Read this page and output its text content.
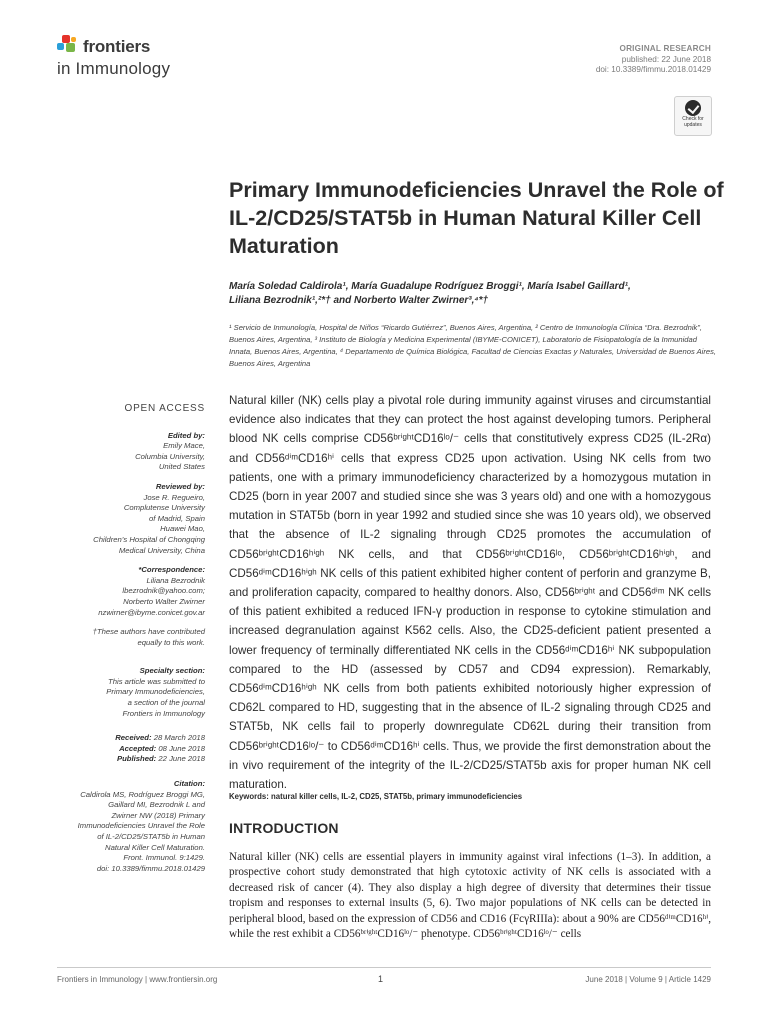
frontiers
in Immunology
ORIGINAL RESEARCH
published: 22 June 2018
doi: 10.3389/fimmu.2018.01429
Check for
updates
Primary Immunodeficiencies Unravel the Role of IL-2/CD25/STAT5b in Human Natural Killer Cell Maturation
María Soledad Caldirola¹, María Guadalupe Rodríguez Broggi¹, María Isabel Gaillard¹,
Liliana Bezrodnik¹,²*† and Norberto Walter Zwirner³,⁴*†
¹ Servicio de Inmunología, Hospital de Niños “Ricardo Gutiérrez”, Buenos Aires, Argentina, ² Centro de Inmunología Clínica “Dra. Bezrodnik”, Buenos Aires, Argentina, ³ Instituto de Biología y Medicina Experimental (IBYME-CONICET), Laboratorio de Fisiopatología de la Inmunidad Innata, Buenos Aires, Argentina, ⁴ Departamento de Química Biológica, Facultad de Ciencias Exactas y Naturales, Universidad de Buenos Aires, Buenos Aires, Argentina
OPEN ACCESS
Edited by:
Emily Mace,
Columbia University,
United States
Reviewed by:
Jose R. Regueiro,
Complutense University
of Madrid, Spain
Huawei Mao,
Children’s Hospital of Chongqing
Medical University, China
*Correspondence:
Liliana Bezrodnik
lbezrodnik@yahoo.com;
Norberto Walter Zwirner
nzwirner@ibyme.conicet.gov.ar
†These authors have contributed
equally to this work.
Specialty section:
This article was submitted to
Primary Immunodeficiencies,
a section of the journal
Frontiers in Immunology
Received: 28 March 2018
Accepted: 08 June 2018
Published: 22 June 2018
Citation:
Caldirola MS, Rodríguez Broggi MG,
Gaillard MI, Bezrodnik L and
Zwirner NW (2018) Primary
Immunodeficiencies Unravel the Role
of IL-2/CD25/STAT5b in Human
Natural Killer Cell Maturation.
Front. Immunol. 9:1429.
doi: 10.3389/fimmu.2018.01429
Natural killer (NK) cells play a pivotal role during immunity against viruses and circumstantial evidence also indicates that they can protect the host against developing tumors. Peripheral blood NK cells comprise CD56ᵇʳⁱᵍʰᵗCD16ˡᵒ/⁻ cells that constitutively express CD25 (IL-2Rα) and CD56ᵈⁱᵐCD16ʰⁱ cells that express CD25 upon activation. Using NK cells from two patients, one with a primary immunodeficiency characterized by a homozygous mutation in CD25 (born in year 2007 and studied since she was 3 years old) and one with a homozygous mutation in STAT5b (born in year 1992 and studied since she was 10 years old), we observed that the absence of IL-2 signaling through CD25 promotes the accumulation of CD56ᵇʳⁱᵍʰᵗCD16ʰⁱᵍʰ NK cells, and that CD56ᵇʳⁱᵍʰᵗCD16ˡᵒ, CD56ᵇʳⁱᵍʰᵗCD16ʰⁱᵍʰ, and CD56ᵈⁱᵐCD16ʰⁱᵍʰ NK cells of this patient exhibited higher content of perforin and granzyme B, and proliferation capacity, compared to healthy donors. Also, CD56ᵇʳⁱᵍʰᵗ and CD56ᵈⁱᵐ NK cells of this patient exhibited a reduced IFN-γ production in response to cytokine stimulation and increased degranulation against K562 cells. Also, the CD25-deficient patient presented a lower frequency of terminally differentiated NK cells in the CD56ᵈⁱᵐCD16ʰⁱ NK subpopulation compared to the HD (assessed by CD57 and CD94 expression). Remarkably, CD56ᵈⁱᵐCD16ʰⁱᵍʰ NK cells from both patients exhibited notoriously higher expression of CD62L compared to HD, suggesting that in the absence of IL-2 signaling through CD25 and STAT5b, NK cells fail to properly downregulate CD62L during their transition from CD56ᵇʳⁱᵍʰᵗCD16ˡᵒ/⁻ to CD56ᵈⁱᵐCD16ʰⁱ cells. Thus, we provide the first demonstration about the in vivo requirement of the integrity of the IL-2/CD25/STAT5b axis for proper human NK cell maturation.
Keywords: natural killer cells, IL-2, CD25, STAT5b, primary immunodeficiencies
INTRODUCTION
Natural killer (NK) cells are essential players in immunity against viral infections (1–3). In addition, a prospective cohort study demonstrated that high cytotoxic activity of NK cells is associated with a decreased risk of cancer (4). They also display a high degree of diversity that determines their tissue tropism and responses to external insults (5, 6). Two major populations of NK cells can be detected in peripheral blood, based on the expression of CD56 and CD16 (FcγRIIIa): about a 90% are CD56ᵈⁱᵐCD16ʰⁱ, while the rest exhibit a CD56ᵇʳⁱᵍʰᵗCD16ˡᵒ/⁻ phenotype. CD56ᵇʳⁱᵍʰᵗCD16ˡᵒ/⁻ cells
Frontiers in Immunology | www.frontiersin.org	1	June 2018 | Volume 9 | Article 1429
